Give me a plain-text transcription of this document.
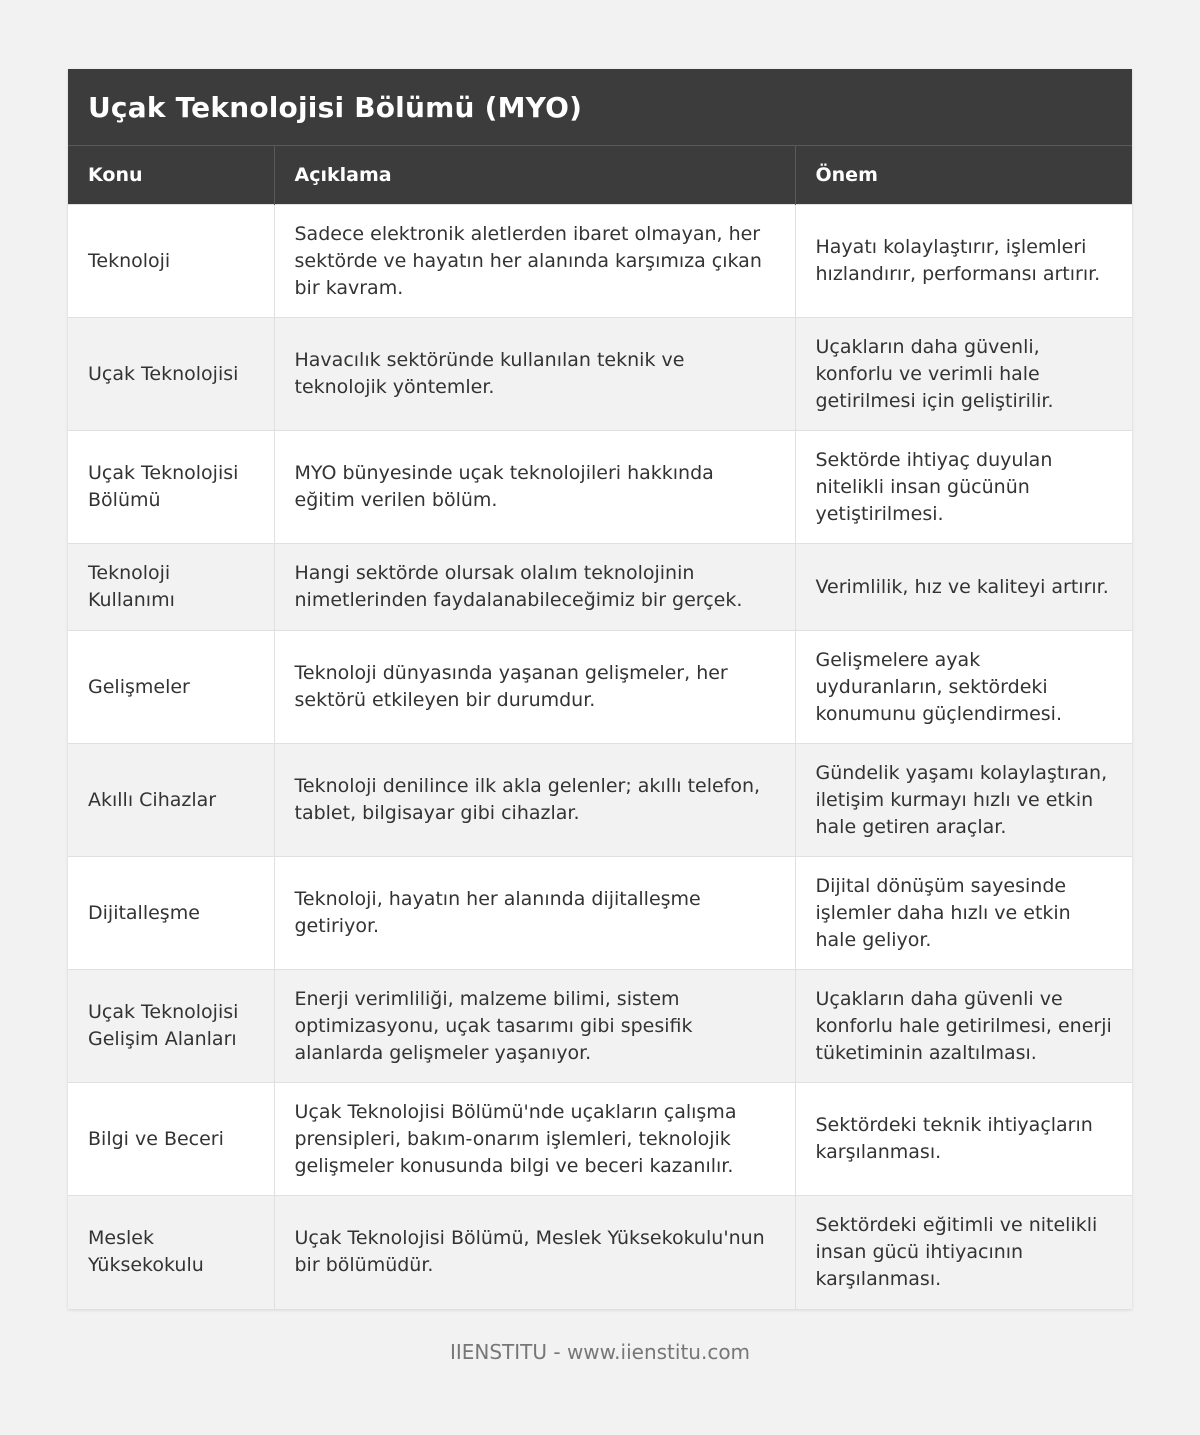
Uçak Teknolojisi Bölümü (MYO)
Konu	Açıklama	Önem
Teknoloji	Sadece elektronik aletlerden ibaret olmayan, her sektörde ve hayatın her alanında karşımıza çıkan bir kavram.	Hayatı kolaylaştırır, işlemleri hızlandırır, performansı artırır.
Uçak Teknolojisi	Havacılık sektöründe kullanılan teknik ve teknolojik yöntemler.	Uçakların daha güvenli, konforlu ve verimli hale getirilmesi için geliştirilir.
Uçak Teknolojisi Bölümü	MYO bünyesinde uçak teknolojileri hakkında eğitim verilen bölüm.	Sektörde ihtiyaç duyulan nitelikli insan gücünün yetiştirilmesi.
Teknoloji Kullanımı	Hangi sektörde olursak olalım teknolojinin nimetlerinden faydalanabileceğimiz bir gerçek.	Verimlilik, hız ve kaliteyi artırır.
Gelişmeler	Teknoloji dünyasında yaşanan gelişmeler, her sektörü etkileyen bir durumdur.	Gelişmelere ayak uyduranların, sektördeki konumunu güçlendirmesi.
Akıllı Cihazlar	Teknoloji denilince ilk akla gelenler; akıllı telefon, tablet, bilgisayar gibi cihazlar.	Gündelik yaşamı kolaylaştıran, iletişim kurmayı hızlı ve etkin hale getiren araçlar.
Dijitalleşme	Teknoloji, hayatın her alanında dijitalleşme getiriyor.	Dijital dönüşüm sayesinde işlemler daha hızlı ve etkin hale geliyor.
Uçak Teknolojisi Gelişim Alanları	Enerji verimliliği, malzeme bilimi, sistem optimizasyonu, uçak tasarımı gibi spesifik alanlarda gelişmeler yaşanıyor.	Uçakların daha güvenli ve konforlu hale getirilmesi, enerji tüketiminin azaltılması.
Bilgi ve Beceri	Uçak Teknolojisi Bölümü'nde uçakların çalışma prensipleri, bakım-onarım işlemleri, teknolojik gelişmeler konusunda bilgi ve beceri kazanılır.	Sektördeki teknik ihtiyaçların karşılanması.
Meslek Yüksekokulu	Uçak Teknolojisi Bölümü, Meslek Yüksekokulu'nun bir bölümüdür.	Sektördeki eğitimli ve nitelikli insan gücü ihtiyacının karşılanması.
IIENSTITU - www.iienstitu.com
